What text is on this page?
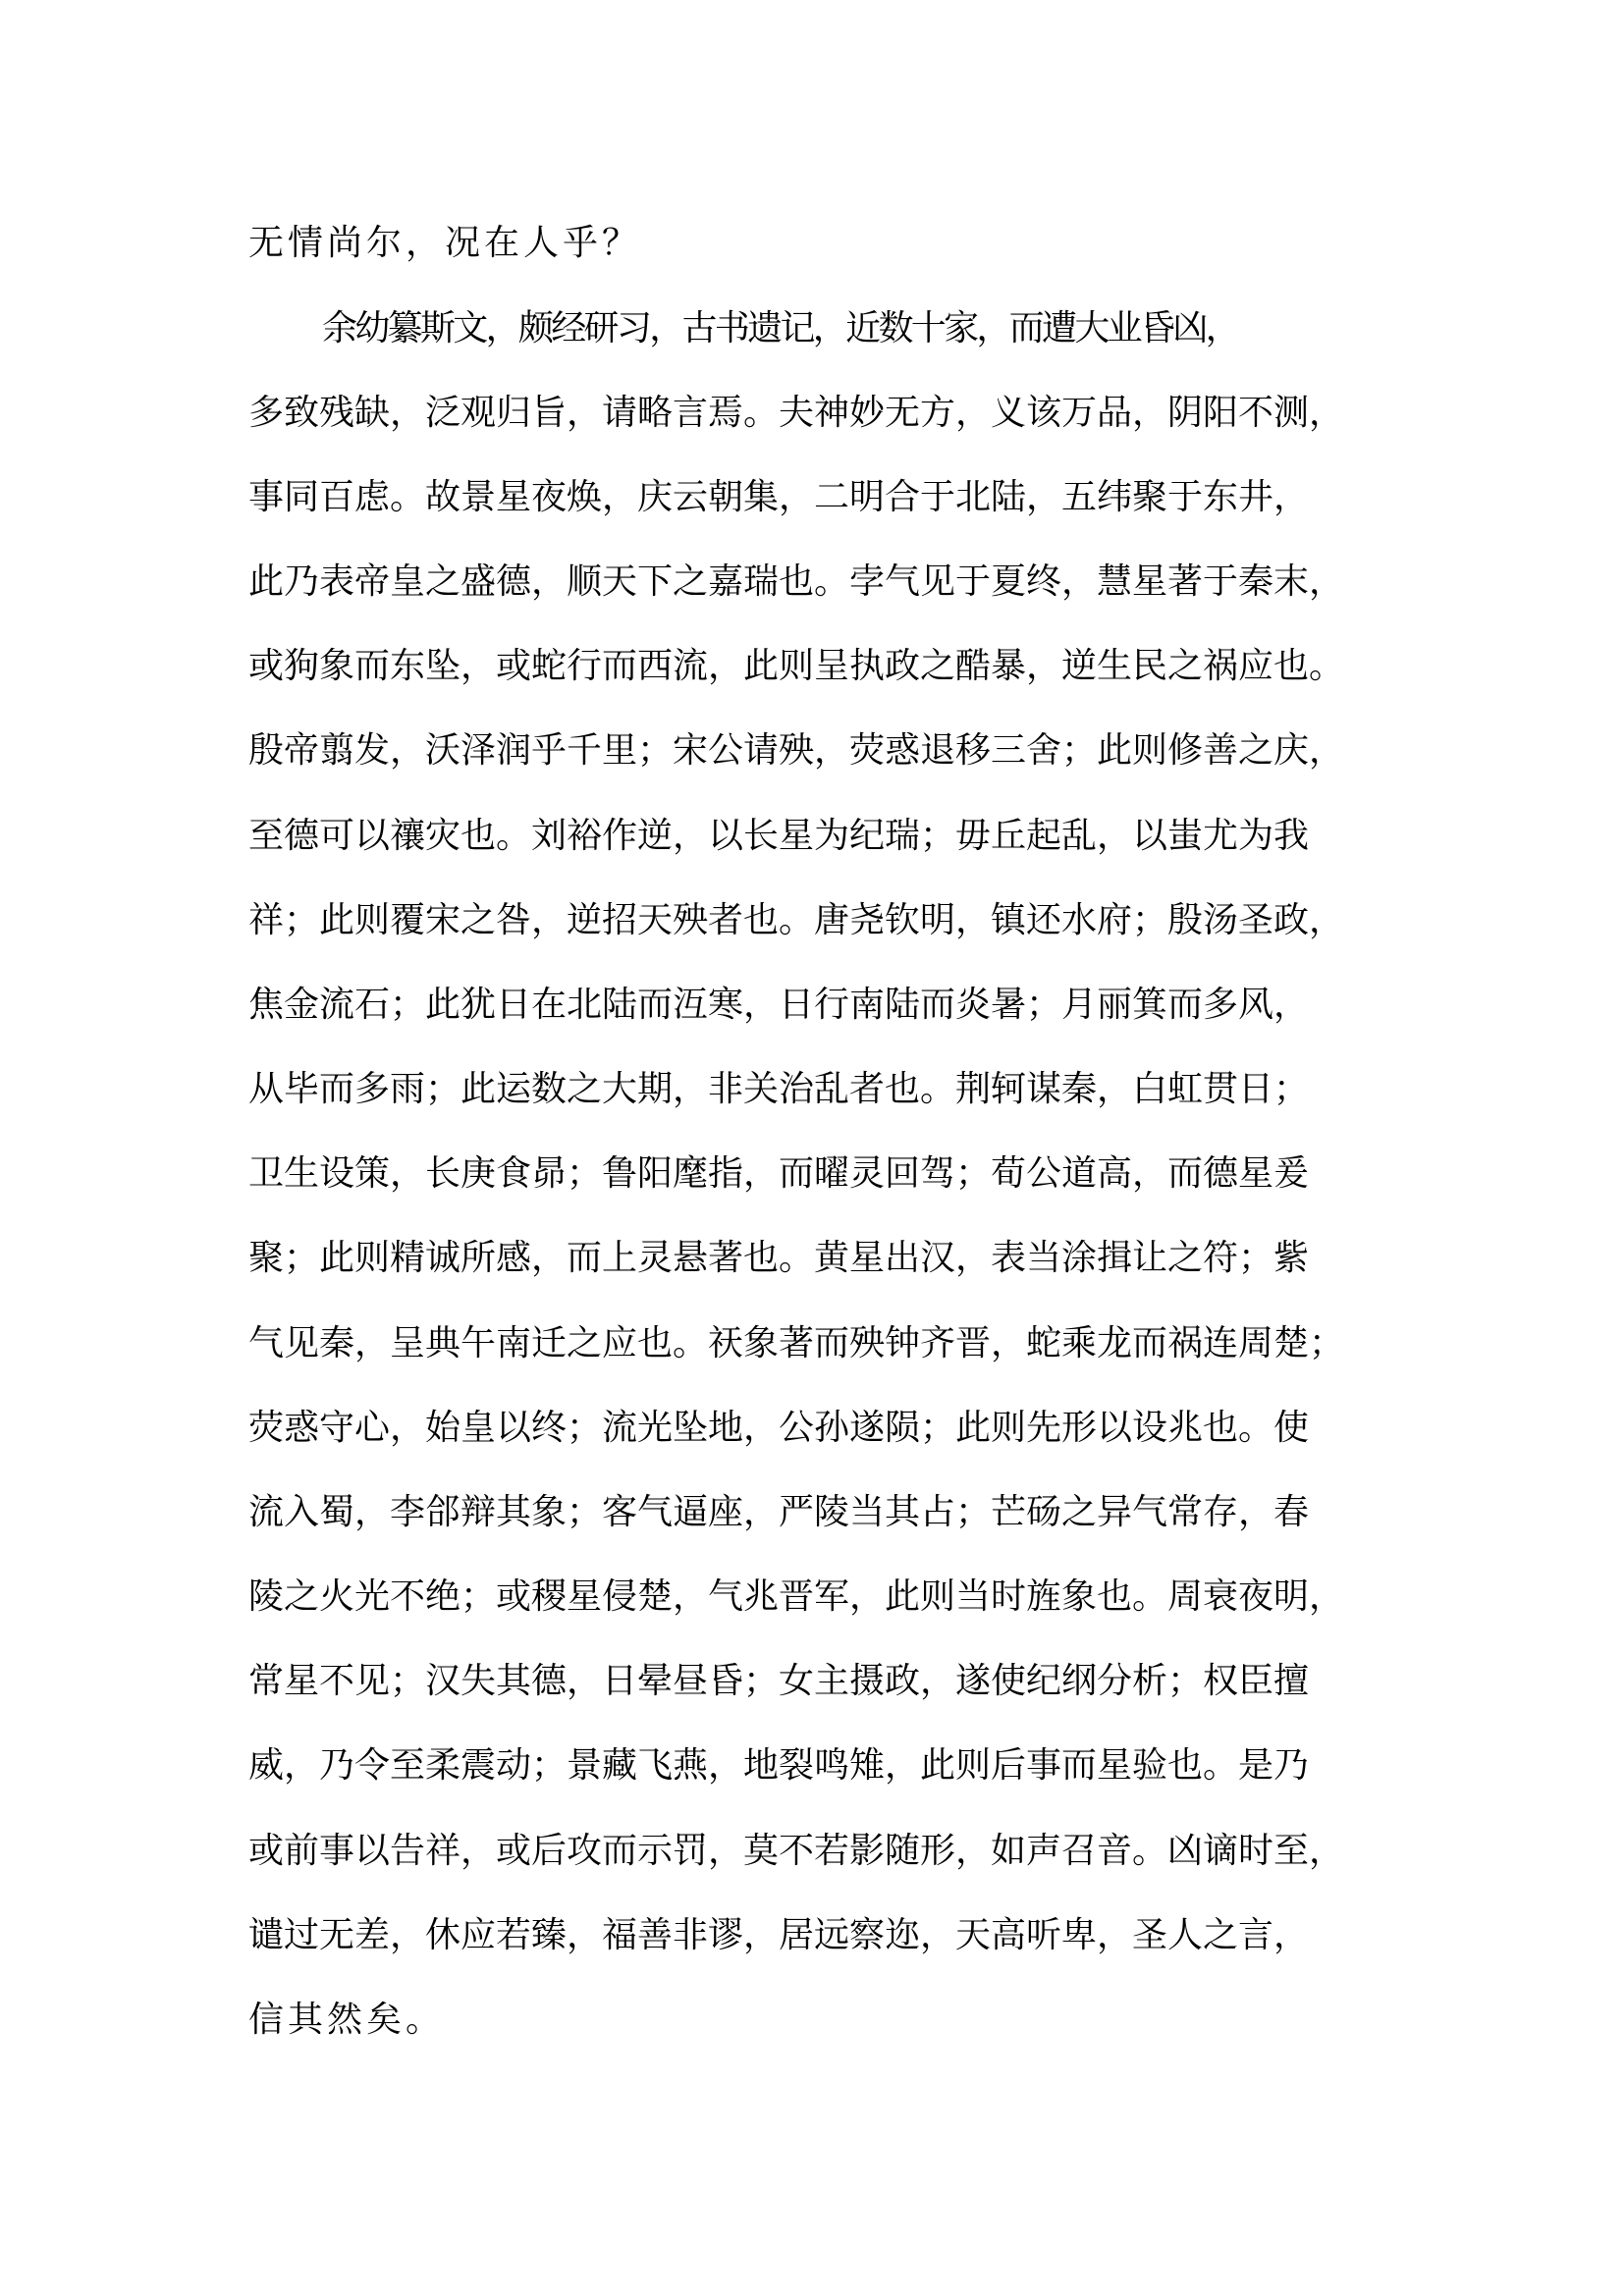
无情尚尔，况在人乎？
余幼纂斯文，颇经研习，古书遗记，近数十家，而遭大业昏凶，
多致残缺，泛观归旨，请略言焉。夫神妙无方，义该万品，阴阳不测，
事同百虑。故景星夜焕，庆云朝集，二明合于北陆，五纬聚于东井，
此乃表帝皇之盛德，顺天下之嘉瑞也。孛气见于夏终，慧星著于秦末，
或狗象而东坠，或蛇行而西流，此则呈执政之酷暴，逆生民之祸应也。
殷帝翦发，沃泽润乎千里；宋公请殃，荧惑退移三舍；此则修善之庆，
至德可以禳灾也。刘裕作逆，以长星为纪瑞；毋丘起乱，以蚩尤为我
祥；此则覆宋之咎，逆招天殃者也。唐尧钦明，镇还水府；殷汤圣政，
焦金流石；此犹日在北陆而沍寒，日行南陆而炎暑；月丽箕而多风，
从毕而多雨；此运数之大期，非关治乱者也。荆轲谋秦，白虹贯日；
卫生设策，长庚食昴；鲁阳麾指，而曜灵回驾；荀公道高，而德星爰
聚；此则精诚所感，而上灵悬著也。黄星出汉，表当涂揖让之符；紫
气见秦，呈典午南迁之应也。祆象著而殃钟齐晋，蛇乘龙而祸连周楚；
荧惑守心，始皇以终；流光坠地，公孙遂陨；此则先形以设兆也。使
流入蜀，李郃辩其象；客气逼座，严陵当其占；芒砀之异气常存，春
陵之火光不绝；或稷星侵楚，气兆晋军，此则当时旌象也。周衰夜明，
常星不见；汉失其德，日晕昼昏；女主摄政，遂使纪纲分析；权臣擅
威，乃令至柔震动；景藏飞燕，地裂鸣雉，此则后事而星验也。是乃
或前事以告祥，或后攻而示罚，莫不若影随形，如声召音。凶谪时至，
谴过无差，休应若臻，福善非谬，居远察迩，天高听卑，圣人之言，
信其然矣。
